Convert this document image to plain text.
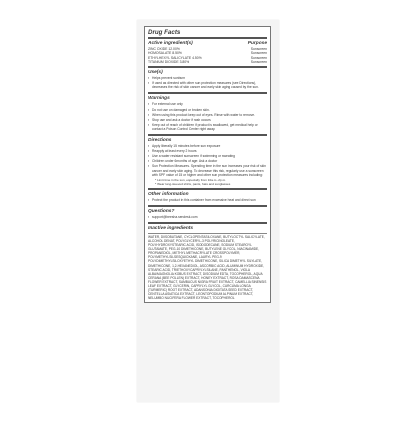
Drug Facts
Active ingredient(s)	Purpose
ZINC OXIDE 12.00%	Sunscreen
HOMOSALATE 8.50%	Sunscreen
ETHYLHEXYL SALICYLATE 4.50%	Sunscreen
TITANIUM DIOXIDE 3.80%	Sunscreen
Use(s)
▪ Helps prevent sunburn
▪ If used as directed with other sun protection measures (see Directions), decreases the risk of skin cancer and early skin aging caused by the sun.
Warnings
▪ For external use only
▪ Do not use on damaged or broken skin.
▪ When using this product keep out of eyes. Rinse with water to remove.
▪ Stop use and ask a doctor if rash occurs
▪ Keep out of reach of children if product is swallowed, get medical help or contact a Poison Control Center right away.
Directions
▪ Apply liberally 15 minutes before sun exposure
▪ Reapply at least every 2 hours
▪ Use a water resistant sunscreen if swimming or sweating
▪ Children under 6months of age: Ask a doctor
▪ Sun Protection Measures. Spending time in the sun increases your risk of skin cancer and early skin aging. To decrease this risk, regularly use a sunscreen with SPF value of 15 or higher and other sun protection measures including:
* Limit time in the sun, especially from 10a.m.-2p.m.
* Wear long-sleeved shirts, pants, hats and sunglasses
Other information
▪ Protect the product in this container from excessive heat and direct sun
Questions?
▪ support@beesha.sendesk.com
Inactive ingredients
WATER, DIISOBUTANE, CYCLOPENTASILOXANE, BUTYLOCTYL SALICYLATE, ALCOHOL DENAT, POLYGLYCERYL-3 POLYRICINOLEATE, POLYHYDROXYSTEARIC ACID, ISODODECANE, SODIUM STEAROYL GLUTAMATE, PEG-10 DIMETHICONE, BUTYLENE GLYCOL, NIACINAMIDE, PROPANEDIOL, METHYL METHACRYLATE CROSSPOLYMER, POLYMETHYLSILSESQUIOXANE, LAURYL PEG-9 POLYDIMETHYLSILOXYETHYL DIMETHICONE, SILICA DIMETHYL SILYLATE, DIMETHICONE, 1,2-HEXANEDIOL, ASCORBIC ACID, ALUMINUM HYDROXIDE, STEARIC ACID, TRIETHOXYCAPRYLYLSILANE, PANTHENOL, VIOLA ALBA/MAGNOLIA KOBUS EXTRACT, DISODIUM EDTA, TOCOPHEROL, AQUA CERANA (BEE POLLEN) EXTRACT, HONEY EXTRACT, ROSA DAMASCENA FLOWER EXTRACT, SAMBUCUS NIGRA FRUIT EXTRACT, CAMELLIA SINENSIS LEAF EXTRACT, GLYCERIN, CAPRYLYL GLYCOL, CURCUMA LONGA (TURMERIC) ROOT EXTRACT, ADANSONIA DIGITATA SEED EXTRACT, CENTELLA ASIATICA EXTRACT, LEONTOPODIUM ALPINUM EXTRACT, NELUMBO NUCIFERA FLOWER EXTRACT, TOCOPHEROL
